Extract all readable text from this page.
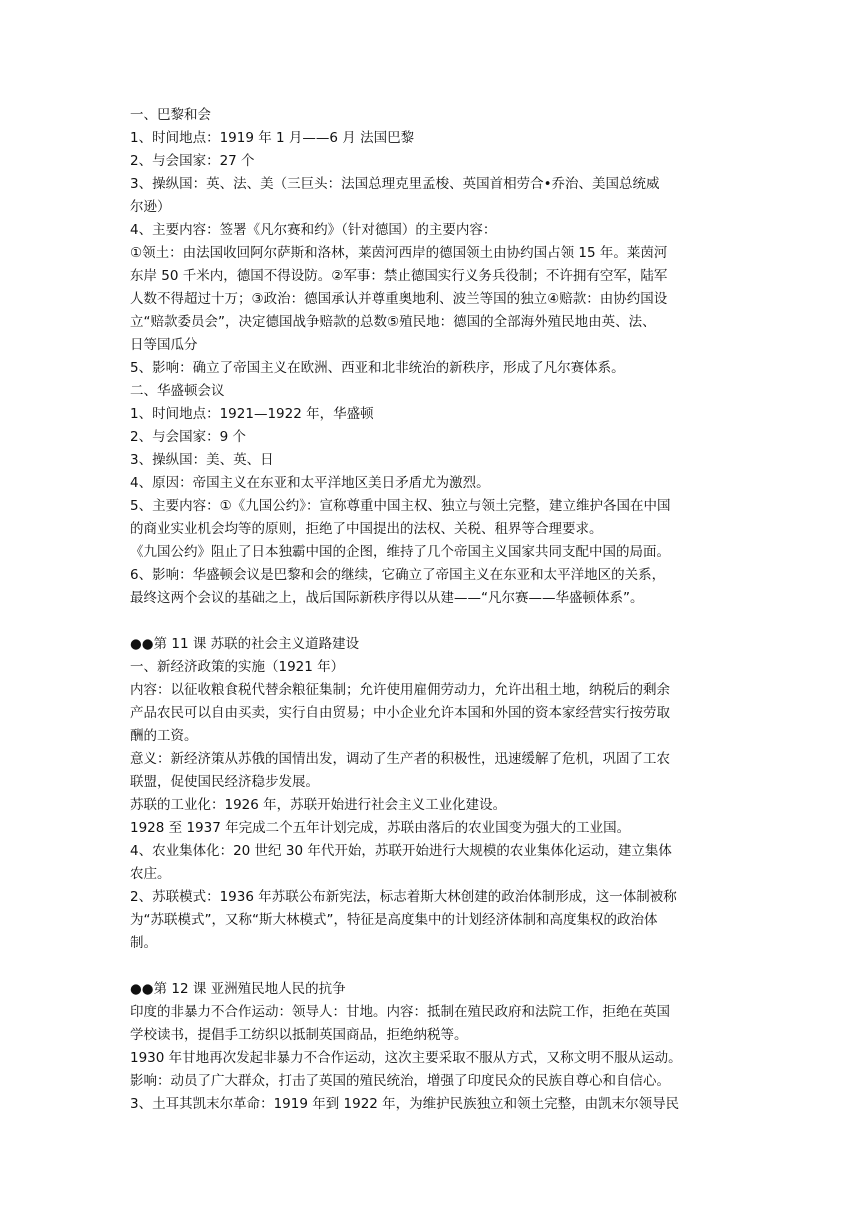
一、巴黎和会
1、时间地点：1919 年 1 月——6 月 法国巴黎
2、与会国家：27 个
3、操纵国：英、法、美（三巨头：法国总理克里孟梭、英国首相劳合•乔治、美国总统威
尔逊）
4、主要内容：签署《凡尔赛和约》（针对德国）的主要内容：
①领土：由法国收回阿尔萨斯和洛林，莱茵河西岸的德国领土由协约国占领 15 年。莱茵河
东岸 50 千米内，德国不得设防。②军事：禁止德国实行义务兵役制；不许拥有空军，陆军
人数不得超过十万；③政治：德国承认并尊重奥地利、波兰等国的独立④赔款：由协约国设
立“赔款委员会”，决定德国战争赔款的总数⑤殖民地：德国的全部海外殖民地由英、法、
日等国瓜分
5、影响：确立了帝国主义在欧洲、西亚和北非统治的新秩序，形成了凡尔赛体系。
二、华盛顿会议
1、时间地点：1921—1922 年，华盛顿
2、与会国家：9 个
3、操纵国：美、英、日
4、原因：帝国主义在东亚和太平洋地区美日矛盾尤为激烈。
5、主要内容：①《九国公约》：宣称尊重中国主权、独立与领土完整，建立维护各国在中国
的商业实业机会均等的原则，拒绝了中国提出的法权、关税、租界等合理要求。
《九国公约》阻止了日本独霸中国的企图，维持了几个帝国主义国家共同支配中国的局面。
6、影响：华盛顿会议是巴黎和会的继续，它确立了帝国主义在东亚和太平洋地区的关系，
最终这两个会议的基础之上，战后国际新秩序得以从建——“凡尔赛——华盛顿体系”。
●●第 11 课 苏联的社会主义道路建设
一、新经济政策的实施（1921 年）
内容：以征收粮食税代替余粮征集制；允许使用雇佣劳动力，允许出租土地，纳税后的剩余
产品农民可以自由买卖，实行自由贸易；中小企业允许本国和外国的资本家经营实行按劳取
酬的工资。
意义：新经济策从苏俄的国情出发，调动了生产者的积极性，迅速缓解了危机，巩固了工农
联盟，促使国民经济稳步发展。
苏联的工业化：1926 年，苏联开始进行社会主义工业化建设。
1928 至 1937 年完成二个五年计划完成，苏联由落后的农业国变为强大的工业国。
4、农业集体化：20 世纪 30 年代开始，苏联开始进行大规模的农业集体化运动，建立集体
农庄。
2、苏联模式：1936 年苏联公布新宪法，标志着斯大林创建的政治体制形成，这一体制被称
为“苏联模式”，又称“斯大林模式”，特征是高度集中的计划经济体制和高度集权的政治体
制。
●●第 12 课 亚洲殖民地人民的抗争
印度的非暴力不合作运动：领导人：甘地。内容：抵制在殖民政府和法院工作，拒绝在英国
学校读书，提倡手工纺织以抵制英国商品，拒绝纳税等。
1930 年甘地再次发起非暴力不合作运动，这次主要采取不服从方式，又称文明不服从运动。
影响：动员了广大群众，打击了英国的殖民统治，增强了印度民众的民族自尊心和自信心。
3、土耳其凯末尔革命：1919 年到 1922 年，为维护民族独立和领土完整，由凯末尔领导民
